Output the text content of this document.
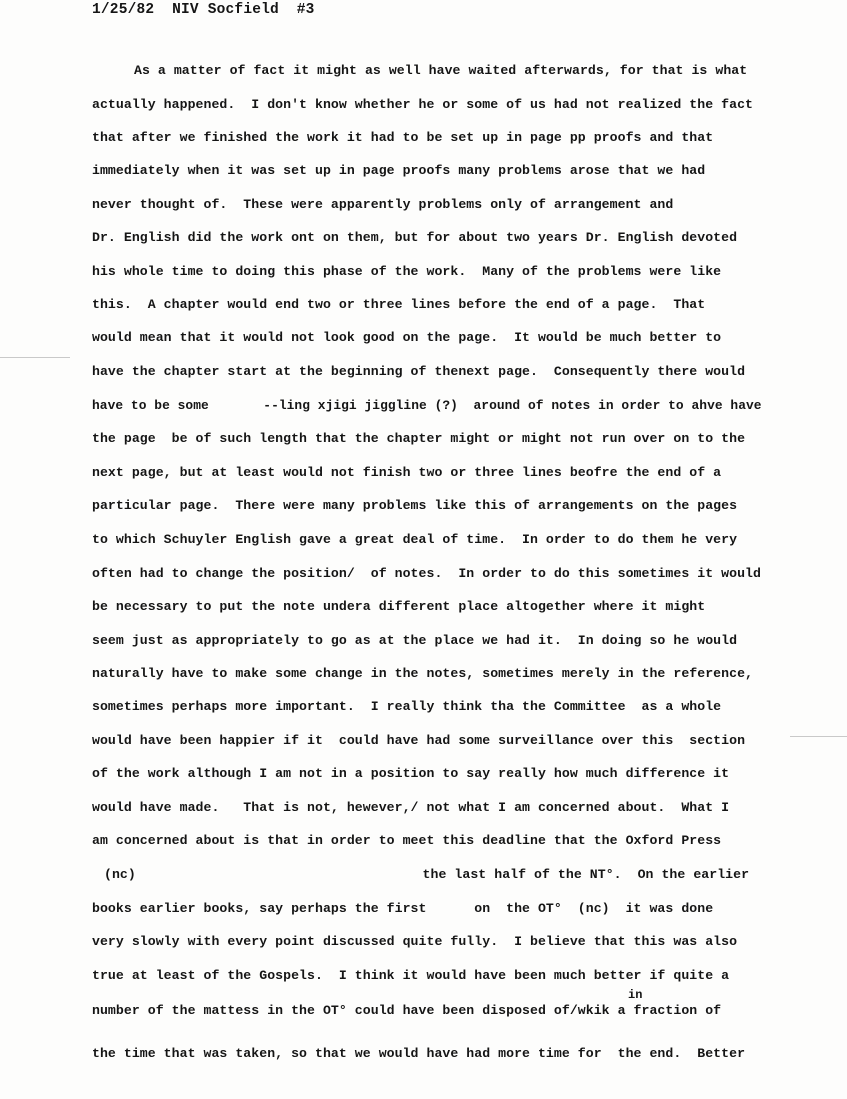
1/25/82  NIV Socfield  #3
As a matter of fact it might as well have waited afterwards, for that is what
actually happened.  I don't know whether he or some of us had not realized the fact
that after we finished the work it had to be set up in page pp proofs and that
immediately when it was set up in page proofs many problems arose that we had
never thought of.  These were apparently problems only of arrangement and
Dr. English did the work ont on them, but for about two years Dr. English devoted
his whole time to doing this phase of the work.  Many of the problems were like
this.  A chapter would end two or three lines before the end of a page.  That
would mean that it would not look good on the page.  It would be much better to
have the chapter start at the beginning of thenext page.  Consequently there would
have to be some       --ling xjigi jiggline (?)  around of notes in order to ahve have
the page  be of such length that the chapter might or might not run over on to the
next page, but at least would not finish two or three lines beofre the end of a
particular page.  There were many problems like this of arrangements on the pages
to which Schuyler English gave a great deal of time.  In order to do them he very
often had to change the position/  of notes.  In order to do this sometimes it would
be necessary to put the note undera different place altogether where it might
seem just as appropriately to go as at the place we had it.  In doing so he would
naturally have to make some change in the notes, sometimes merely in the reference,
sometimes perhaps more important.  I really think tha the Committee  as a whole
would have been happier if it  could have had some surveillance over this  section
of the work although I am not in a position to say really how much difference it
would have made.   That is not, hewever,/ not what I am concerned about.  What I
am concerned about is that in order to meet this deadline that the Oxford Press
(nc)                                    the last half of the NT°.  On the earlier
books earlier books, say perhaps the first      on  the OT°  (nc)  it was done
very slowly with every point discussed quite fully.  I believe that this was also
true at least of the Gospels.  I think it would have been much better if quite a
in
number of the mattess in the OT° could have been disposed of/wkik a fraction of
the time that was taken, so that we would have had more time for  the end.  Better
